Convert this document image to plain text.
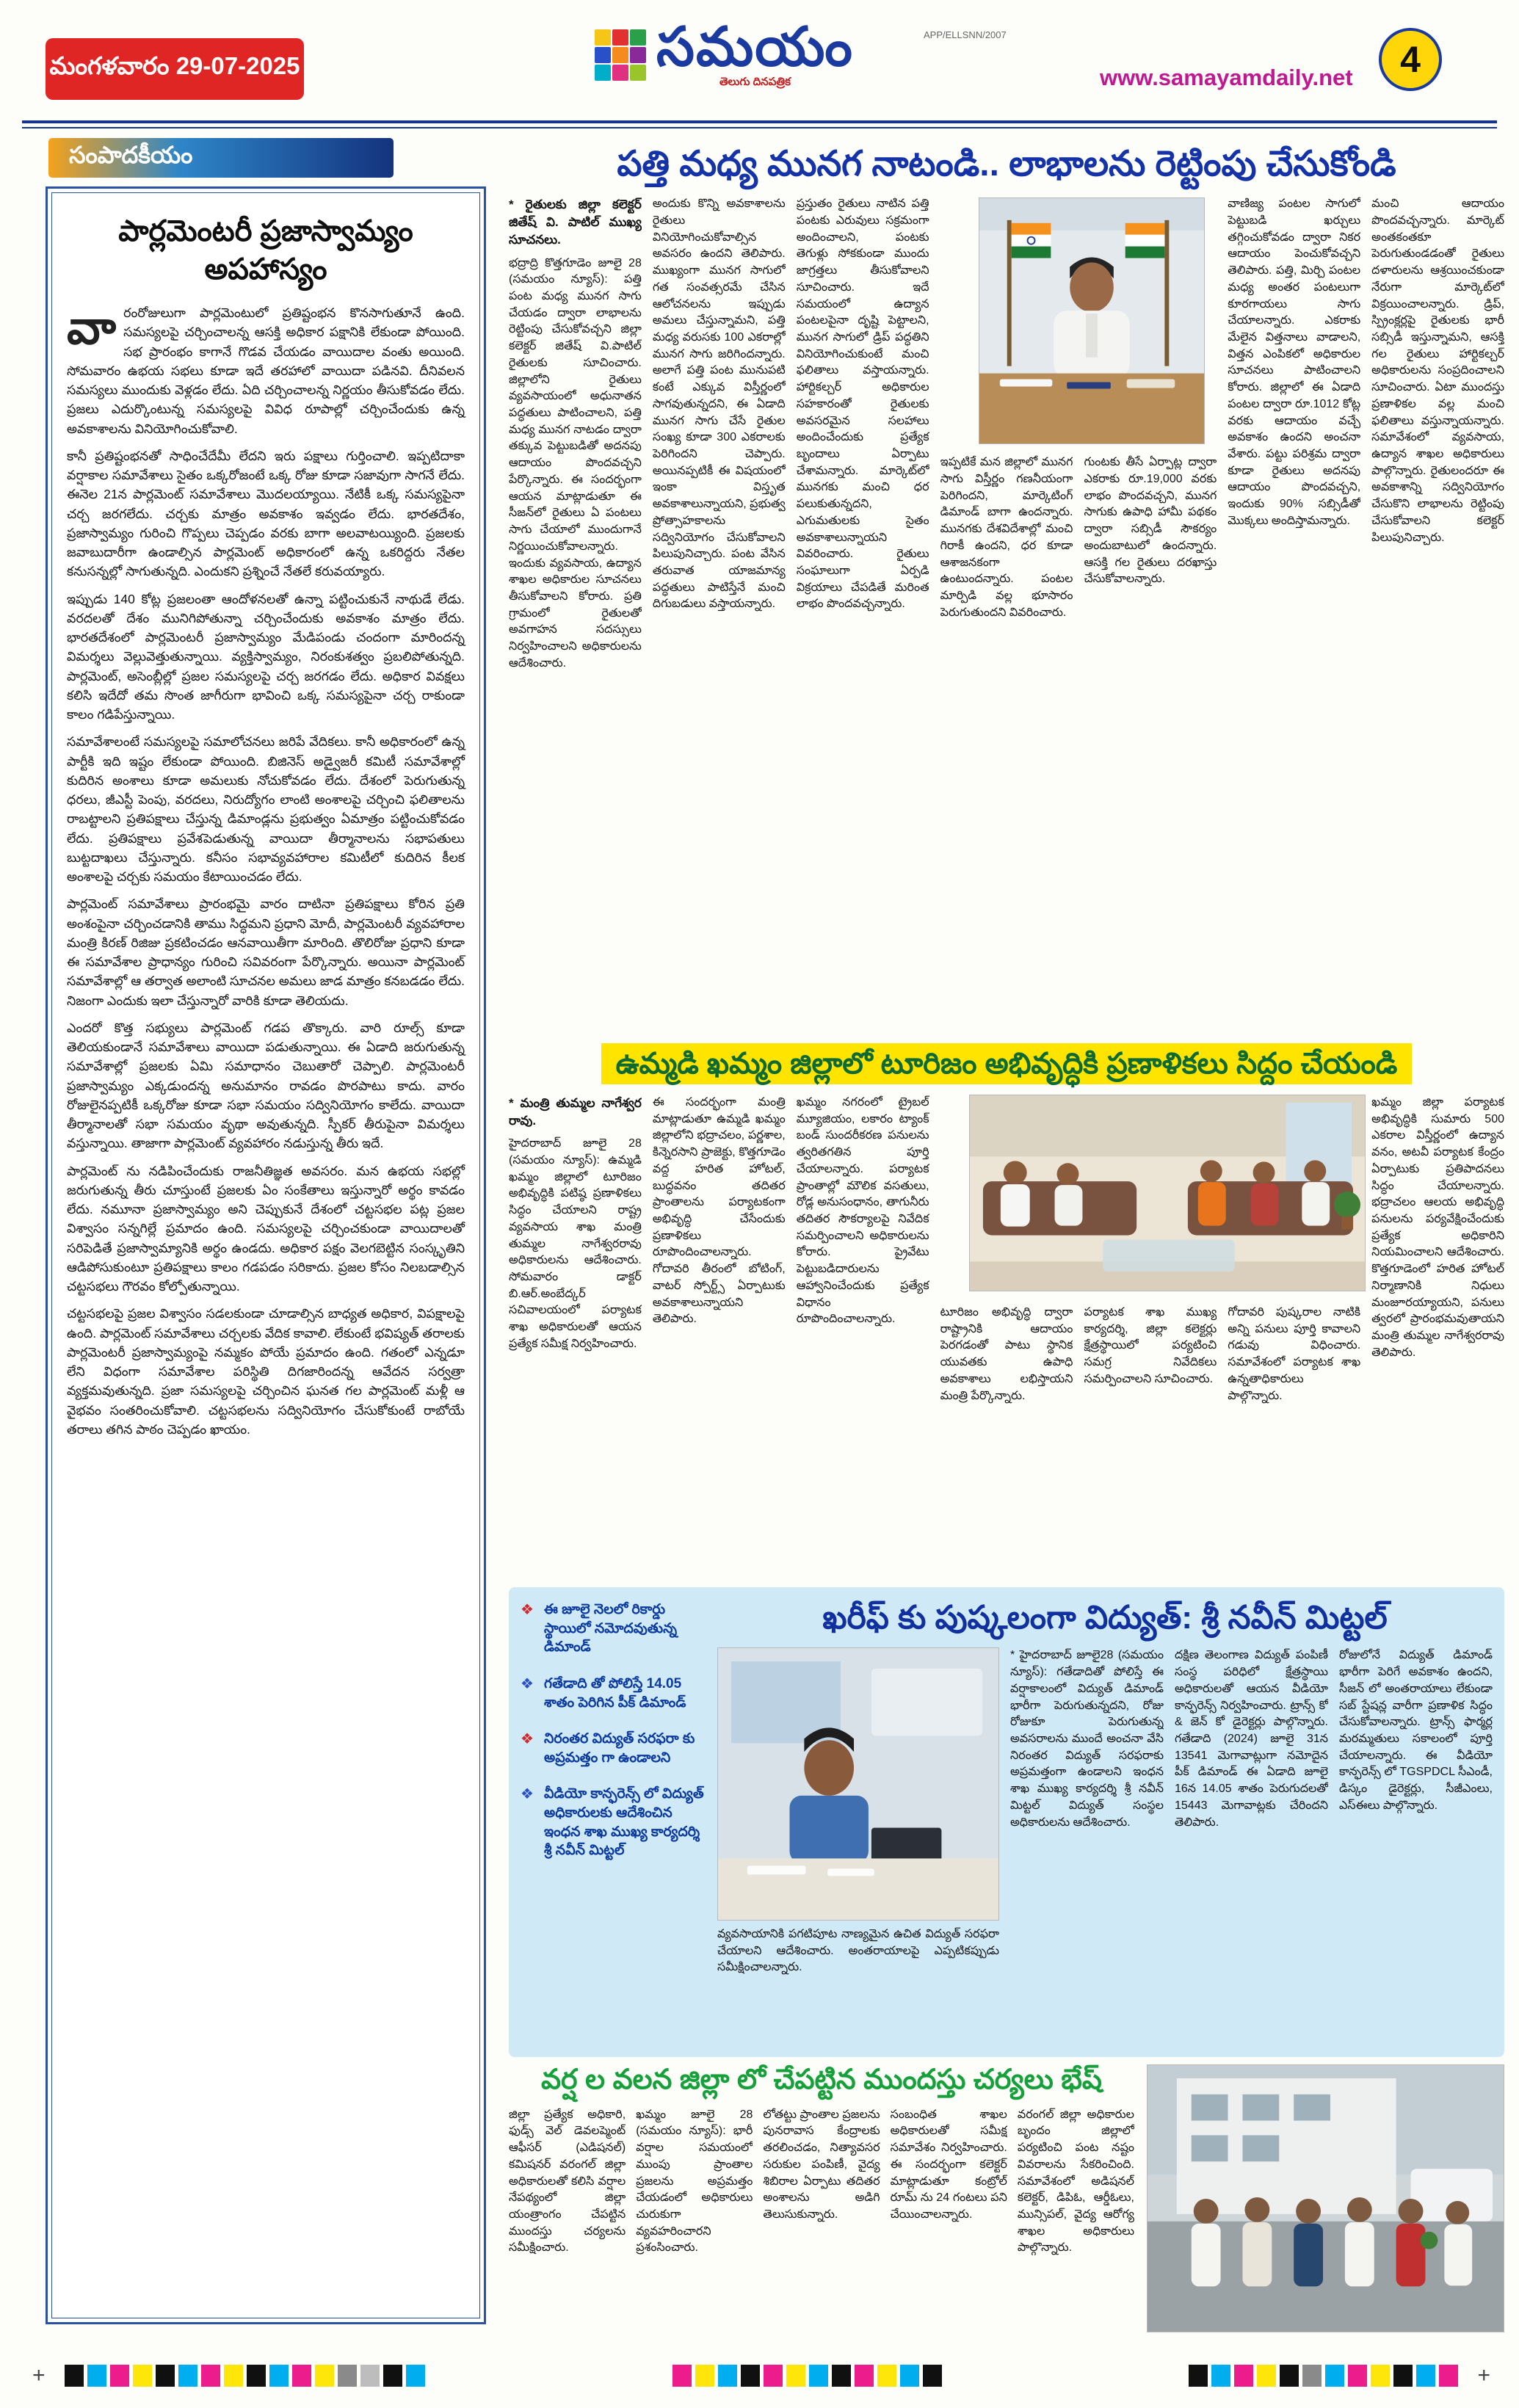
మంగళవారం 29-07-2025	సమయం
తెలుగు దినపత్రిక
APP/ELLSNN/2007
www.samayamdaily.net	4
సంపాదకీయం
పార్లమెంటరీ ప్రజాస్వామ్యం
అపహాస్యం

వారంరోజులుగా పార్లమెంటులో ప్రతిష్టంభన కొనసాగుతూనే ఉంది. సమస్యలపై చర్చించాలన్న ఆసక్తి అధికార పక్షానికి లేకుండా పోయింది. సభ ప్రారంభం కాగానే గొడవ చేయడం వాయిదాల వంతు అయింది. సోమవారం ఉభయ సభలు కూడా ఇదే తరహాలో వాయిదా పడినవి. దీనివలన సమస్యలు ముందుకు వెళ్లడం లేదు. ఏది చర్చించాలన్న నిర్ణయం తీసుకోవడం లేదు. ప్రజలు ఎదుర్కొంటున్న సమస్యలపై వివిధ రూపాల్లో చర్చించేందుకు ఉన్న అవకాశాలను వినియోగించుకోవాలి.

కానీ ప్రతిష్టంభనతో సాధించేదేమీ లేదని ఇరు పక్షాలు గుర్తించాలి. ఇప్పటిదాకా వర్షాకాల సమావేశాలు సైతం ఒక్కరోజంటే ఒక్క రోజు కూడా సజావుగా సాగనే లేదు. ఈనెల 21న పార్లమెంట్ సమావేశాలు మొదలయ్యాయి. నేటికీ ఒక్క సమస్యపైనా చర్చ జరగలేదు. చర్చకు మాత్రం అవకాశం ఇవ్వడం లేదు. భారతదేశం, ప్రజాస్వామ్యం గురించి గొప్పలు చెప్పడం వరకు బాగా అలవాటయ్యింది. ప్రజలకు జవాబుదారీగా ఉండాల్సిన పార్లమెంట్ అధికారంలో ఉన్న ఒకరిద్దరు నేతల కనుసన్నల్లో సాగుతున్నది. ఎందుకని ప్రశ్నించే నేతలే కరువయ్యారు.

ఇప్పుడు 140 కోట్ల ప్రజలంతా ఆందోళనలతో ఉన్నా పట్టించుకునే నాథుడే లేడు. వరదలతో దేశం మునిగిపోతున్నా చర్చించేందుకు అవకాశం మాత్రం లేదు. భారతదేశంలో పార్లమెంటరీ ప్రజాస్వామ్యం మేడిపండు చందంగా మారిందన్న విమర్శలు వెల్లువెత్తుతున్నాయి. వ్యక్తిస్వామ్యం, నిరంకుశత్వం ప్రబలిపోతున్నది. పార్లమెంట్, అసెంబ్లీల్లో ప్రజల సమస్యలపై చర్చ జరగడం లేదు. అధికార వివక్షలు కలిసి ఇదేదో తమ సొంత జాగీరుగా భావించి ఒక్క సమస్యపైనా చర్చ రాకుండా కాలం గడిపేస్తున్నాయి.

సమావేశాలంటే సమస్యలపై సమాలోచనలు జరిపే వేదికలు. కానీ అధికారంలో ఉన్న పార్టీకి ఇది ఇష్టం లేకుండా పోయింది. బిజినెస్ అడ్వైజరీ కమిటీ సమావేశాల్లో కుదిరిన అంశాలు కూడా అమలుకు నోచుకోవడం లేదు. దేశంలో పెరుగుతున్న ధరలు, జీఎస్టీ పెంపు, వరదలు, నిరుద్యోగం లాంటి అంశాలపై చర్చించి ఫలితాలను రాబట్టాలని ప్రతిపక్షాలు చేస్తున్న డిమాండ్లను ప్రభుత్వం ఏమాత్రం పట్టించుకోవడం లేదు. ప్రతిపక్షాలు ప్రవేశపెడుతున్న వాయిదా తీర్మానాలను సభాపతులు బుట్టదాఖలు చేస్తున్నారు. కనీసం సభావ్యవహారాల కమిటీలో కుదిరిన కీలక అంశాలపై చర్చకు సమయం కేటాయించడం లేదు.

పార్లమెంట్ సమావేశాలు ప్రారంభమై వారం దాటినా ప్రతిపక్షాలు కోరిన ప్రతి అంశంపైనా చర్చించడానికి తాము సిద్ధమని ప్రధాని మోదీ, పార్లమెంటరీ వ్యవహారాల మంత్రి కిరణ్ రిజిజు ప్రకటించడం ఆనవాయితీగా మారింది. తొలిరోజు ప్రధాని కూడా ఈ సమావేశాల ప్రాధాన్యం గురించి సవివరంగా పేర్కొన్నారు. అయినా పార్లమెంట్ సమావేశాల్లో ఆ తర్వాత అలాంటి సూచనల అమలు జాడ మాత్రం కనబడడం లేదు. నిజంగా ఎందుకు ఇలా చేస్తున్నారో వారికి కూడా తెలియదు.

ఎందరో కొత్త సభ్యులు పార్లమెంట్ గడప తొక్కారు. వారి రూల్స్ కూడా తెలియకుండానే సమావేశాలు వాయిదా పడుతున్నాయి. ఈ ఏడాది జరుగుతున్న సమావేశాల్లో ప్రజలకు ఏమి సమాధానం చెబుతారో చెప్పాలి. పార్లమెంటరీ ప్రజాస్వామ్యం ఎక్కడుందన్న అనుమానం రావడం పొరపాటు కాదు. వారం రోజులైనప్పటికీ ఒక్కరోజు కూడా సభా సమయం సద్వినియోగం కాలేదు. వాయిదా తీర్మానాలతో సభా సమయం వృథా అవుతున్నది. స్పీకర్ తీరుపైనా విమర్శలు వస్తున్నాయి. తాజాగా పార్లమెంట్ వ్యవహారం నడుస్తున్న తీరు ఇదే.

పార్లమెంట్ ను నడిపించేందుకు రాజనీతిజ్ఞత అవసరం. మన ఉభయ సభల్లో జరుగుతున్న తీరు చూస్తుంటే ప్రజలకు ఏం సంకేతాలు ఇస్తున్నారో అర్థం కావడం లేదు. నమూనా ప్రజాస్వామ్యం అని చెప్పుకునే దేశంలో చట్టసభల పట్ల ప్రజల విశ్వాసం సన్నగిల్లే ప్రమాదం ఉంది. సమస్యలపై చర్చించకుండా వాయిదాలతో సరిపెడితే ప్రజాస్వామ్యానికి అర్థం ఉండదు. అధికార పక్షం వెలగబెట్టిన సంస్కృతిని ఆడిపోసుకుంటూ ప్రతిపక్షాలు కాలం గడపడం సరికాదు. ప్రజల కోసం నిలబడాల్సిన చట్టసభలు గౌరవం కోల్పోతున్నాయి.

చట్టసభలపై ప్రజల విశ్వాసం సడలకుండా చూడాల్సిన బాధ్యత అధికార, విపక్షాలపై ఉంది. పార్లమెంట్ సమావేశాలు చర్చలకు వేదిక కావాలి. లేకుంటే భవిష్యత్ తరాలకు పార్లమెంటరీ ప్రజాస్వామ్యంపై నమ్మకం పోయే ప్రమాదం ఉంది. గతంలో ఎన్నడూ లేని విధంగా సమావేశాల పరిస్థితి దిగజారిందన్న ఆవేదన సర్వత్రా వ్యక్తమవుతున్నది. ప్రజా సమస్యలపై చర్చించిన ఘనత గల పార్లమెంట్ మళ్లీ ఆ వైభవం సంతరించుకోవాలి. చట్టసభలను సద్వినియోగం చేసుకోకుంటే రాబోయే తరాలు తగిన పాఠం చెప్పడం ఖాయం.

పత్తి మధ్య మునగ నాటండి.. లాభాలను రెట్టింపు చేసుకోండి

* రైతులకు జిల్లా కలెక్టర్ జితేష్ వి. పాటిల్ ముఖ్య సూచనలు.

భద్రాద్రి కొత్తగూడెం జూలై 28 (సమయం న్యూస్): పత్తి పంట మధ్య మునగ సాగు చేయడం ద్వారా లాభాలను రెట్టింపు చేసుకోవచ్చని జిల్లా కలెక్టర్ జితేష్ వి.పాటిల్ రైతులకు సూచించారు. జిల్లాలోని రైతులు వ్యవసాయంలో అధునాతన పద్ధతులు పాటించాలని, పత్తి మధ్య మునగ నాటడం ద్వారా తక్కువ పెట్టుబడితో అదనపు ఆదాయం పొందవచ్చని పేర్కొన్నారు. ఈ సందర్భంగా ఆయన మాట్లాడుతూ ఈ సీజన్‌లో రైతులు ఏ పంటలు సాగు చేయాలో ముందుగానే నిర్ణయించుకోవాలన్నారు. ఇందుకు వ్యవసాయ, ఉద్యాన శాఖల అధికారుల సూచనలు తీసుకోవాలని కోరారు. ప్రతి గ్రామంలో రైతులతో అవగాహన సదస్సులు నిర్వహించాలని అధికారులను ఆదేశించారు.

అందుకు కొన్ని అవకాశాలను రైతులు వినియోగించుకోవాల్సిన అవసరం ఉందని తెలిపారు. ముఖ్యంగా మునగ సాగులో గత సంవత్సరమే చేసిన ఆలోచనలను ఇప్పుడు అమలు చేస్తున్నామని, పత్తి మధ్య వరుసకు 100 ఎకరాల్లో మునగ సాగు జరిగిందన్నారు. అలాగే పత్తి పంట మునుపటి కంటే ఎక్కువ విస్తీర్ణంలో సాగవుతున్నదని, ఈ ఏడాది మునగ సాగు చేసే రైతుల సంఖ్య కూడా 300 ఎకరాలకు పెరిగిందని చెప్పారు. అయినప్పటికీ ఈ విషయంలో ఇంకా విస్తృత అవకాశాలున్నాయని, ప్రభుత్వ ప్రోత్సాహకాలను సద్వినియోగం చేసుకోవాలని పిలుపునిచ్చారు. పంట వేసిన తరువాత యాజమాన్య పద్ధతులు పాటిస్తేనే మంచి దిగుబడులు వస్తాయన్నారు.
ప్రస్తుతం రైతులు నాటిన పత్తి పంటకు ఎరువులు సక్రమంగా అందించాలని, పంటకు తెగుళ్లు సోకకుండా ముందు జాగ్రత్తలు తీసుకోవాలని సూచించారు. ఇదే సమయంలో ఉద్యాన పంటలపైనా దృష్టి పెట్టాలని, మునగ సాగులో డ్రిప్ పద్ధతిని వినియోగించుకుంటే మంచి ఫలితాలు వస్తాయన్నారు. హార్టికల్చర్ అధికారుల సహకారంతో రైతులకు అవసరమైన సలహాలు అందించేందుకు ప్రత్యేక బృందాలు ఏర్పాటు చేశామన్నారు. మార్కెట్‌లో మునగకు మంచి ధర పలుకుతున్నదని, ఎగుమతులకు సైతం అవకాశాలున్నాయని వివరించారు. రైతులు సంఘాలుగా ఏర్పడి విక్రయాలు చేపడితే మరింత లాభం పొందవచ్చన్నారు.
ఇప్పటికే మన జిల్లాలో మునగ సాగు విస్తీర్ణం గణనీయంగా పెరిగిందని, మార్కెటింగ్ డిమాండ్ బాగా ఉందన్నారు. మునగకు దేశవిదేశాల్లో మంచి గిరాకీ ఉందని, ధర కూడా ఆశాజనకంగా ఉంటుందన్నారు. పంటల మార్పిడి వల్ల భూసారం పెరుగుతుందని వివరించారు.
గుంటకు తీసే ఏర్పాట్ల ద్వారా ఎకరాకు రూ.19,000 వరకు లాభం పొందవచ్చని, మునగ సాగుకు ఉపాధి హామీ పథకం ద్వారా సబ్సిడీ సౌకర్యం అందుబాటులో ఉందన్నారు. ఆసక్తి గల రైతులు దరఖాస్తు చేసుకోవాలన్నారు.
వాణిజ్య పంటల సాగులో పెట్టుబడి ఖర్చులు తగ్గించుకోవడం ద్వారా నికర ఆదాయం పెంచుకోవచ్చని తెలిపారు. పత్తి, మిర్చి పంటల మధ్య అంతర పంటలుగా కూరగాయలు సాగు చేయాలన్నారు. ఎకరాకు మేలైన విత్తనాలు వాడాలని, విత్తన ఎంపికలో అధికారుల సూచనలు పాటించాలని కోరారు. జిల్లాలో ఈ ఏడాది పంటల ద్వారా రూ.1012 కోట్ల వరకు ఆదాయం వచ్చే అవకాశం ఉందని అంచనా వేశారు. పట్టు పరిశ్రమ ద్వారా కూడా రైతులు అదనపు ఆదాయం పొందవచ్చని, ఇందుకు 90% సబ్సిడీతో మొక్కలు అందిస్తామన్నారు.
మంచి ఆదాయం పొందవచ్చన్నారు. మార్కెట్ అంతకంతకూ పెరుగుతుండడంతో రైతులు దళారులను ఆశ్రయించకుండా నేరుగా మార్కెట్‌లో విక్రయించాలన్నారు. డ్రిప్, స్ప్రింక్లర్లపై రైతులకు భారీ సబ్సిడీ ఇస్తున్నామని, ఆసక్తి గల రైతులు హార్టికల్చర్ అధికారులను సంప్రదించాలని సూచించారు. ఏటా ముందస్తు ప్రణాళికల వల్ల మంచి ఫలితాలు వస్తున్నాయన్నారు. సమావేశంలో వ్యవసాయ, ఉద్యాన శాఖల అధికారులు పాల్గొన్నారు. రైతులందరూ ఈ అవకాశాన్ని సద్వినియోగం చేసుకొని లాభాలను రెట్టింపు చేసుకోవాలని కలెక్టర్ పిలుపునిచ్చారు.
ఉమ్మడి ఖమ్మం జిల్లాలో టూరిజం అభివృద్ధికి ప్రణాళికలు సిద్దం చేయండి

* మంత్రి తుమ్మల నాగేశ్వర రావు.

హైదరాబాద్ జూలై 28 (సమయం న్యూస్): ఉమ్మడి ఖమ్మం జిల్లాలో టూరిజం అభివృద్ధికి పటిష్ఠ ప్రణాళికలు సిద్ధం చేయాలని రాష్ట్ర వ్యవసాయ శాఖ మంత్రి తుమ్మల నాగేశ్వరరావు అధికారులను ఆదేశించారు. సోమవారం డాక్టర్ బి.ఆర్.అంబేద్కర్ సచివాలయంలో పర్యాటక శాఖ అధికారులతో ఆయన ప్రత్యేక సమీక్ష నిర్వహించారు.

ఈ సందర్భంగా మంత్రి మాట్లాడుతూ ఉమ్మడి ఖమ్మం జిల్లాలోని భద్రాచలం, పర్ణశాల, కిన్నెరసాని ప్రాజెక్టు, కొత్తగూడెం వద్ద హరిత హోటల్, బుద్ధవనం తదితర ప్రాంతాలను పర్యాటకంగా అభివృద్ధి చేసేందుకు ప్రణాళికలు రూపొందించాలన్నారు. గోదావరి తీరంలో బోటింగ్, వాటర్ స్పోర్ట్స్ ఏర్పాటుకు అవకాశాలున్నాయని తెలిపారు.
ఖమ్మం నగరంలో ట్రైబల్ మ్యూజియం, లకారం ట్యాంక్ బండ్ సుందరీకరణ పనులను త్వరితగతిన పూర్తి చేయాలన్నారు. పర్యాటక ప్రాంతాల్లో మౌలిక వసతులు, రోడ్ల అనుసంధానం, తాగునీరు తదితర సౌకర్యాలపై నివేదిక సమర్పించాలని అధికారులను కోరారు. ప్రైవేటు పెట్టుబడిదారులను ఆహ్వానించేందుకు ప్రత్యేక విధానం రూపొందించాలన్నారు.
టూరిజం అభివృద్ధి ద్వారా రాష్ట్రానికి ఆదాయం పెరగడంతో పాటు స్థానిక యువతకు ఉపాధి అవకాశాలు లభిస్తాయని మంత్రి పేర్కొన్నారు.
పర్యాటక శాఖ ముఖ్య కార్యదర్శి, జిల్లా కలెక్టర్లు క్షేత్రస్థాయిలో పర్యటించి సమగ్ర నివేదికలు సమర్పించాలని సూచించారు.
గోదావరి పుష్కరాల నాటికి అన్ని పనులు పూర్తి కావాలని గడువు విధించారు. సమావేశంలో పర్యాటక శాఖ ఉన్నతాధికారులు పాల్గొన్నారు.
ఖమ్మం జిల్లా పర్యాటక అభివృద్ధికి సుమారు 500 ఎకరాల విస్తీర్ణంలో ఉద్యాన వనం, అటవీ పర్యాటక కేంద్రం ఏర్పాటుకు ప్రతిపాదనలు సిద్ధం చేయాలన్నారు. భద్రాచలం ఆలయ అభివృద్ధి పనులను పర్యవేక్షించేందుకు ప్రత్యేక అధికారిని నియమించాలని ఆదేశించారు. కొత్తగూడెంలో హరిత హోటల్ నిర్మాణానికి నిధులు మంజూరయ్యాయని, పనులు త్వరలో ప్రారంభమవుతాయని మంత్రి తుమ్మల నాగేశ్వరరావు తెలిపారు.
❖ ఈ జూలై నెలలో రికార్డు స్థాయిలో నమోదవుతున్న డిమాండ్
❖ గతేడాది తో పోలిస్తే 14.05 శాతం పెరిగిన పీక్ డిమాండ్
❖ నిరంతర విద్యుత్ సరఫరా కు అప్రమత్తం గా ఉండాలని
❖ వీడియో కాన్ఫరెన్స్ లో విద్యుత్ అధికారులకు ఆదేశించిన ఇంధన శాఖ ముఖ్య కార్యదర్శి శ్రీ నవీన్ మిట్టల్
ఖరీఫ్ కు పుష్కలంగా విద్యుత్: శ్రీ నవీన్ మిట్టల్

వ్యవసాయానికి పగటిపూట నాణ్యమైన ఉచిత విద్యుత్ సరఫరా చేయాలని ఆదేశించారు. అంతరాయాలపై ఎప్పటికప్పుడు సమీక్షించాలన్నారు.

* హైదరాబాద్ జూలై28 (సమయం న్యూస్): గతేడాదితో పోలిస్తే ఈ వర్షాకాలంలో విద్యుత్ డిమాండ్ భారీగా పెరుగుతున్నదని, రోజు రోజుకూ పెరుగుతున్న అవసరాలను ముందే అంచనా వేసి నిరంతర విద్యుత్ సరఫరాకు అప్రమత్తంగా ఉండాలని ఇంధన శాఖ ముఖ్య కార్యదర్శి శ్రీ నవీన్ మిట్టల్ విద్యుత్ సంస్థల అధికారులను ఆదేశించారు.
దక్షిణ తెలంగాణ విద్యుత్ పంపిణీ సంస్థ పరిధిలో క్షేత్రస్థాయి అధికారులతో ఆయన వీడియో కాన్ఫరెన్స్ నిర్వహించారు. ట్రాన్స్ కో & జెన్ కో డైరెక్టర్లు పాల్గొన్నారు. గతేడాది (2024) జూలై 31న 13541 మెగావాట్లుగా నమోదైన పీక్ డిమాండ్ ఈ ఏడాది జూలై 16న 14.05 శాతం పెరుగుదలతో 15443 మెగావాట్లకు చేరిందని తెలిపారు.
రోజులోనే విద్యుత్ డిమాండ్ భారీగా పెరిగే అవకాశం ఉందని, సీజన్ లో అంతరాయాలు లేకుండా సబ్ స్టేషన్ల వారీగా ప్రణాళిక సిద్ధం చేసుకోవాలన్నారు. ట్రాన్స్ ఫార్మర్ల మరమ్మతులు సకాలంలో పూర్తి చేయాలన్నారు. ఈ వీడియో కాన్ఫరెన్స్ లో TGSPDCL సీఎండీ, డిస్కం డైరెక్టర్లు, సీజీఎంలు, ఎస్ఈలు పాల్గొన్నారు.
వర్ష ల వలన జిల్లా లో చేపట్టిన ముందస్తు చర్యలు భేష్
జిల్లా ప్రత్యేక అధికారి, ఫుడ్స్ వెల్ డెవలప్మెంట్ ఆఫీసర్ (ఎడిషనల్) కమిషనర్ వరంగల్ జిల్లా అధికారులతో కలిసి వర్షాల నేపథ్యంలో జిల్లా యంత్రాంగం చేపట్టిన ముందస్తు చర్యలను సమీక్షించారు.
ఖమ్మం జూలై 28 (సమయం న్యూస్): భారీ వర్షాల సమయంలో ముంపు ప్రాంతాల ప్రజలను అప్రమత్తం చేయడంలో అధికారులు చురుకుగా వ్యవహరించారని ప్రశంసించారు.
లోతట్టు ప్రాంతాల ప్రజలను పునరావాస కేంద్రాలకు తరలించడం, నిత్యావసర సరుకుల పంపిణీ, వైద్య శిబిరాల ఏర్పాటు తదితర అంశాలను అడిగి తెలుసుకున్నారు.
సంబంధిత శాఖల అధికారులతో సమీక్ష సమావేశం నిర్వహించారు. ఈ సందర్భంగా కలెక్టర్ మాట్లాడుతూ కంట్రోల్ రూమ్ ను 24 గంటలు పని చేయించాలన్నారు.
వరంగల్ జిల్లా అధికారుల బృందం జిల్లాలో పర్యటించి పంట నష్టం వివరాలను సేకరించింది. సమావేశంలో అడిషనల్ కలెక్టర్, డిపిఓ, ఆర్డీఓలు, మున్సిపల్, వైద్య ఆరోగ్య శాఖల అధికారులు పాల్గొన్నారు.
+	+
